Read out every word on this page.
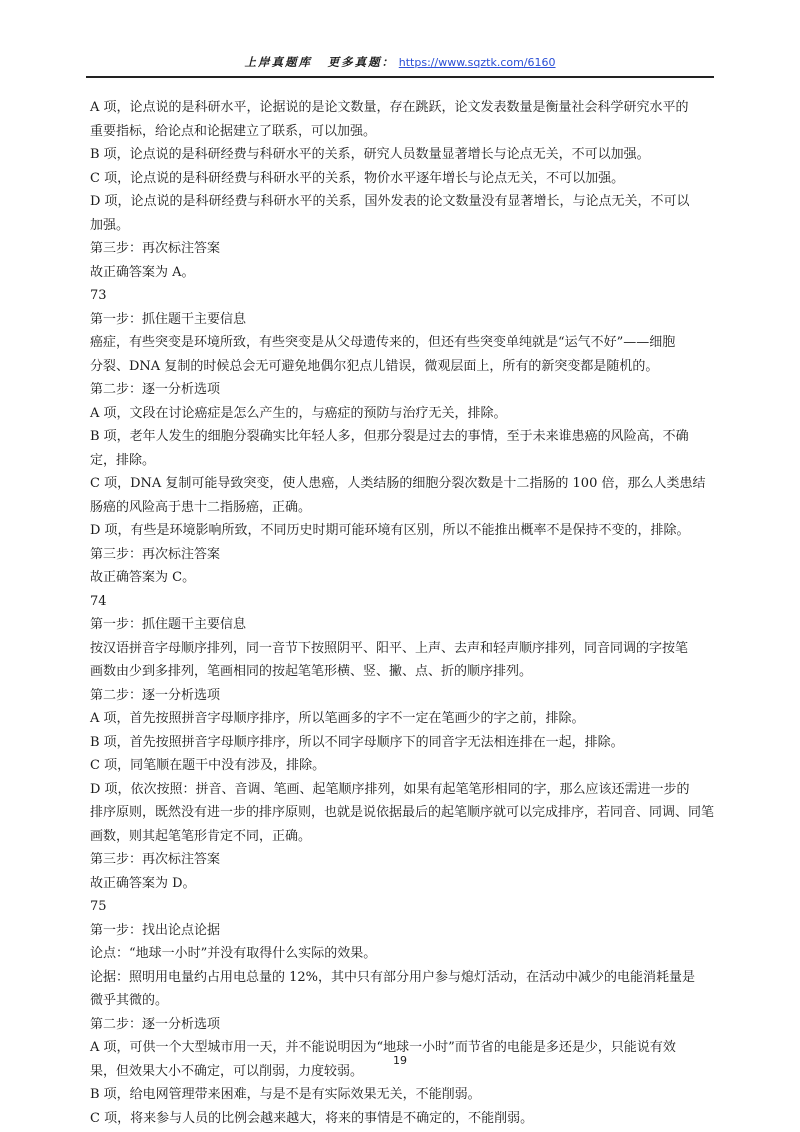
上岸真题库 更多真题： https://www.sqztk.com/6160

A 项，论点说的是科研水平，论据说的是论文数量，存在跳跃，论文发表数量是衡量社会科学研究水平的

重要指标，给论点和论据建立了联系，可以加强。

B 项，论点说的是科研经费与科研水平的关系，研究人员数量显著增长与论点无关，不可以加强。

C 项，论点说的是科研经费与科研水平的关系，物价水平逐年增长与论点无关，不可以加强。

D 项，论点说的是科研经费与科研水平的关系，国外发表的论文数量没有显著增长，与论点无关，不可以

加强。

第三步：再次标注答案

故正确答案为 A。

73

第一步：抓住题干主要信息

癌症，有些突变是环境所致，有些突变是从父母遗传来的，但还有些突变单纯就是“运气不好”——细胞

分裂、DNA 复制的时候总会无可避免地偶尔犯点儿错误，微观层面上，所有的新突变都是随机的。

第二步：逐一分析选项

A 项，文段在讨论癌症是怎么产生的，与癌症的预防与治疗无关，排除。

B 项，老年人发生的细胞分裂确实比年轻人多，但那分裂是过去的事情，至于未来谁患癌的风险高，不确

定，排除。

C 项，DNA 复制可能导致突变，使人患癌，人类结肠的细胞分裂次数是十二指肠的 100 倍，那么人类患结

肠癌的风险高于患十二指肠癌，正确。

D 项，有些是环境影响所致，不同历史时期可能环境有区别，所以不能推出概率不是保持不变的，排除。

第三步：再次标注答案

故正确答案为 C。

74

第一步：抓住题干主要信息

按汉语拼音字母顺序排列，同一音节下按照阴平、阳平、上声、去声和轻声顺序排列，同音同调的字按笔

画数由少到多排列，笔画相同的按起笔笔形横、竖、撇、点、折的顺序排列。

第二步：逐一分析选项

A 项，首先按照拼音字母顺序排序，所以笔画多的字不一定在笔画少的字之前，排除。

B 项，首先按照拼音字母顺序排序，所以不同字母顺序下的同音字无法相连排在一起，排除。

C 项，同笔顺在题干中没有涉及，排除。

D 项，依次按照：拼音、音调、笔画、起笔顺序排列，如果有起笔笔形相同的字，那么应该还需进一步的

排序原则，既然没有进一步的排序原则，也就是说依据最后的起笔顺序就可以完成排序，若同音、同调、同笔

画数，则其起笔笔形肯定不同，正确。

第三步：再次标注答案

故正确答案为 D。

75

第一步：找出论点论据

论点：“地球一小时”并没有取得什么实际的效果。

论据：照明用电量约占用电总量的 12%，其中只有部分用户参与熄灯活动，在活动中减少的电能消耗量是

微乎其微的。

第二步：逐一分析选项

A 项，可供一个大型城市用一天，并不能说明因为“地球一小时”而节省的电能是多还是少，只能说有效

果，但效果大小不确定，可以削弱，力度较弱。

B 项，给电网管理带来困难，与是不是有实际效果无关，不能削弱。

C 项，将来参与人员的比例会越来越大，将来的事情是不确定的，不能削弱。

19
